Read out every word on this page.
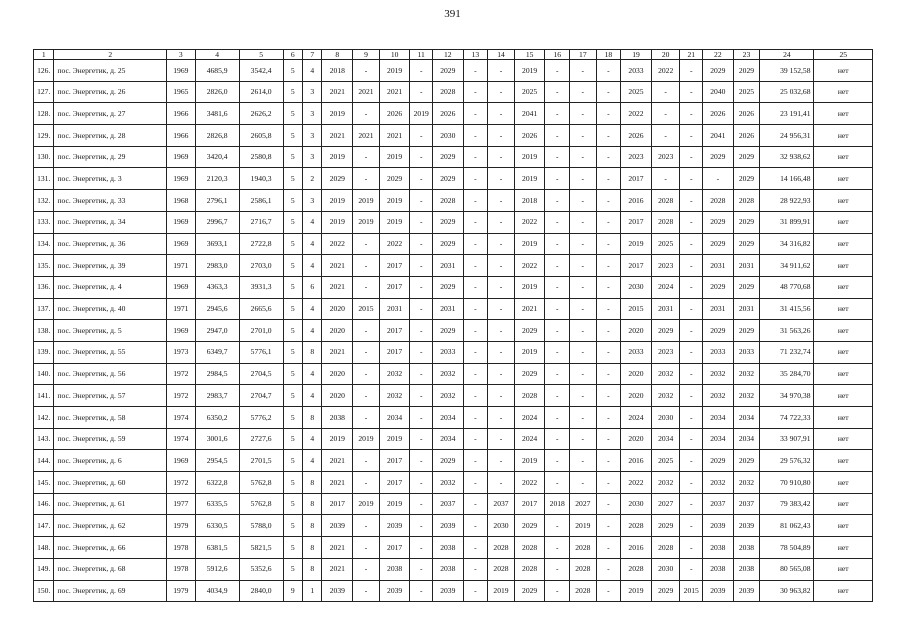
391
1	2	3	4	5	6	7	8	9	10	11	12	13	14	15	16	17	18	19	20	21	22	23	24	25
126.	пос. Энергетик, д. 25	1969	4685,9	3542,4	5	4	2018	-	2019	-	2029	-	-	2019	-	-	-	2033	2022	-	2029	2029	39 152,58	нет
127.	пос. Энергетик, д. 26	1965	2826,0	2614,0	5	3	2021	2021	2021	-	2028	-	-	2025	-	-	-	2025	-	-	2040	2025	25 032,68	нет
128.	пос. Энергетик, д. 27	1966	3481,6	2626,2	5	3	2019	-	2026	2019	2026	-	-	2041	-	-	-	2022	-	-	2026	2026	23 191,41	нет
129.	пос. Энергетик, д. 28	1966	2826,8	2605,8	5	3	2021	2021	2021	-	2030	-	-	2026	-	-	-	2026	-	-	2041	2026	24 956,31	нет
130.	пос. Энергетик, д. 29	1969	3420,4	2580,8	5	3	2019	-	2019	-	2029	-	-	2019	-	-	-	2023	2023	-	2029	2029	32 938,62	нет
131.	пос. Энергетик, д. 3	1969	2120,3	1940,3	5	2	2029	-	2029	-	2029	-	-	2019	-	-	-	2017	-	-	-	2029	14 166,48	нет
132.	пос. Энергетик, д. 33	1968	2796,1	2586,1	5	3	2019	2019	2019	-	2028	-	-	2018	-	-	-	2016	2028	-	2028	2028	28 922,93	нет
133.	пос. Энергетик, д. 34	1969	2996,7	2716,7	5	4	2019	2019	2019	-	2029	-	-	2022	-	-	-	2017	2028	-	2029	2029	31 899,91	нет
134.	пос. Энергетик, д. 36	1969	3693,1	2722,8	5	4	2022	-	2022	-	2029	-	-	2019	-	-	-	2019	2025	-	2029	2029	34 316,82	нет
135.	пос. Энергетик, д. 39	1971	2983,0	2703,0	5	4	2021	-	2017	-	2031	-	-	2022	-	-	-	2017	2023	-	2031	2031	34 911,62	нет
136.	пос. Энергетик, д. 4	1969	4363,3	3931,3	5	6	2021	-	2017	-	2029	-	-	2019	-	-	-	2030	2024	-	2029	2029	48 770,68	нет
137.	пос. Энергетик, д. 40	1971	2945,6	2665,6	5	4	2020	2015	2031	-	2031	-	-	2021	-	-	-	2015	2031	-	2031	2031	31 415,56	нет
138.	пос. Энергетик, д. 5	1969	2947,0	2701,0	5	4	2020	-	2017	-	2029	-	-	2029	-	-	-	2020	2029	-	2029	2029	31 563,26	нет
139.	пос. Энергетик, д. 55	1973	6349,7	5776,1	5	8	2021	-	2017	-	2033	-	-	2019	-	-	-	2033	2023	-	2033	2033	71 232,74	нет
140.	пос. Энергетик, д. 56	1972	2984,5	2704,5	5	4	2020	-	2032	-	2032	-	-	2029	-	-	-	2020	2032	-	2032	2032	35 284,70	нет
141.	пос. Энергетик, д. 57	1972	2983,7	2704,7	5	4	2020	-	2032	-	2032	-	-	2028	-	-	-	2020	2032	-	2032	2032	34 970,38	нет
142.	пос. Энергетик, д. 58	1974	6350,2	5776,2	5	8	2038	-	2034	-	2034	-	-	2024	-	-	-	2024	2030	-	2034	2034	74 722,33	нет
143.	пос. Энергетик, д. 59	1974	3001,6	2727,6	5	4	2019	2019	2019	-	2034	-	-	2024	-	-	-	2020	2034	-	2034	2034	33 907,91	нет
144.	пос. Энергетик, д. 6	1969	2954,5	2701,5	5	4	2021	-	2017	-	2029	-	-	2019	-	-	-	2016	2025	-	2029	2029	29 576,32	нет
145.	пос. Энергетик, д. 60	1972	6322,8	5762,8	5	8	2021	-	2017	-	2032	-	-	2022	-	-	-	2022	2032	-	2032	2032	70 910,80	нет
146.	пос. Энергетик, д. 61	1977	6335,5	5762,8	5	8	2017	2019	2019	-	2037	-	2037	2017	2018	2027	-	2030	2027	-	2037	2037	79 383,42	нет
147.	пос. Энергетик, д. 62	1979	6330,5	5788,0	5	8	2039	-	2039	-	2039	-	2030	2029	-	2019	-	2028	2029	-	2039	2039	81 062,43	нет
148.	пос. Энергетик, д. 66	1978	6381,5	5821,5	5	8	2021	-	2017	-	2038	-	2028	2028	-	2028	-	2016	2028	-	2038	2038	78 504,89	нет
149.	пос. Энергетик, д. 68	1978	5912,6	5352,6	5	8	2021	-	2038	-	2038	-	2028	2028	-	2028	-	2028	2030	-	2038	2038	80 565,08	нет
150.	пос. Энергетик, д. 69	1979	4034,9	2840,0	9	1	2039	-	2039	-	2039	-	2019	2029	-	2028	-	2019	2029	2015	2039	2039	30 963,82	нет
